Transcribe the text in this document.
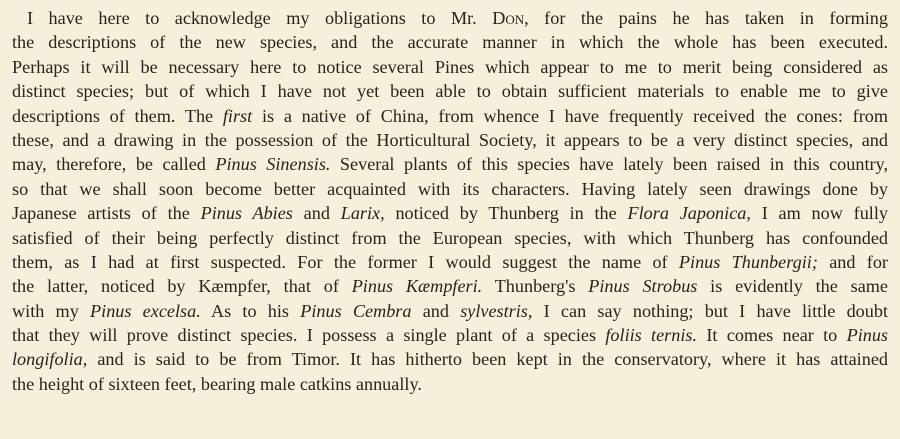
I have here to acknowledge my obligations to Mr. Don, for the pains he has taken in forming
the descriptions of the new species, and the accurate manner in which the whole has been executed.
Perhaps it will be necessary here to notice several Pines which appear to me to merit being considered as
distinct species; but of which I have not yet been able to obtain sufficient materials to enable me to give
descriptions of them. The first is a native of China, from whence I have frequently received the cones: from
these, and a drawing in the possession of the Horticultural Society, it appears to be a very distinct species, and
may, therefore, be called Pinus Sinensis. Several plants of this species have lately been raised in this country,
so that we shall soon become better acquainted with its characters. Having lately seen drawings done by
Japanese artists of the Pinus Abies and Larix, noticed by Thunberg in the Flora Japonica, I am now fully
satisfied of their being perfectly distinct from the European species, with which Thunberg has confounded
them, as I had at first suspected. For the former I would suggest the name of Pinus Thunbergii; and for
the latter, noticed by Kæmpfer, that of Pinus Kæmpferi. Thunberg's Pinus Strobus is evidently the same
with my Pinus excelsa. As to his Pinus Cembra and sylvestris, I can say nothing; but I have little doubt
that they will prove distinct species. I possess a single plant of a species foliis ternis. It comes near to Pinus
longifolia, and is said to be from Timor. It has hitherto been kept in the conservatory, where it has attained
the height of sixteen feet, bearing male catkins annually.
